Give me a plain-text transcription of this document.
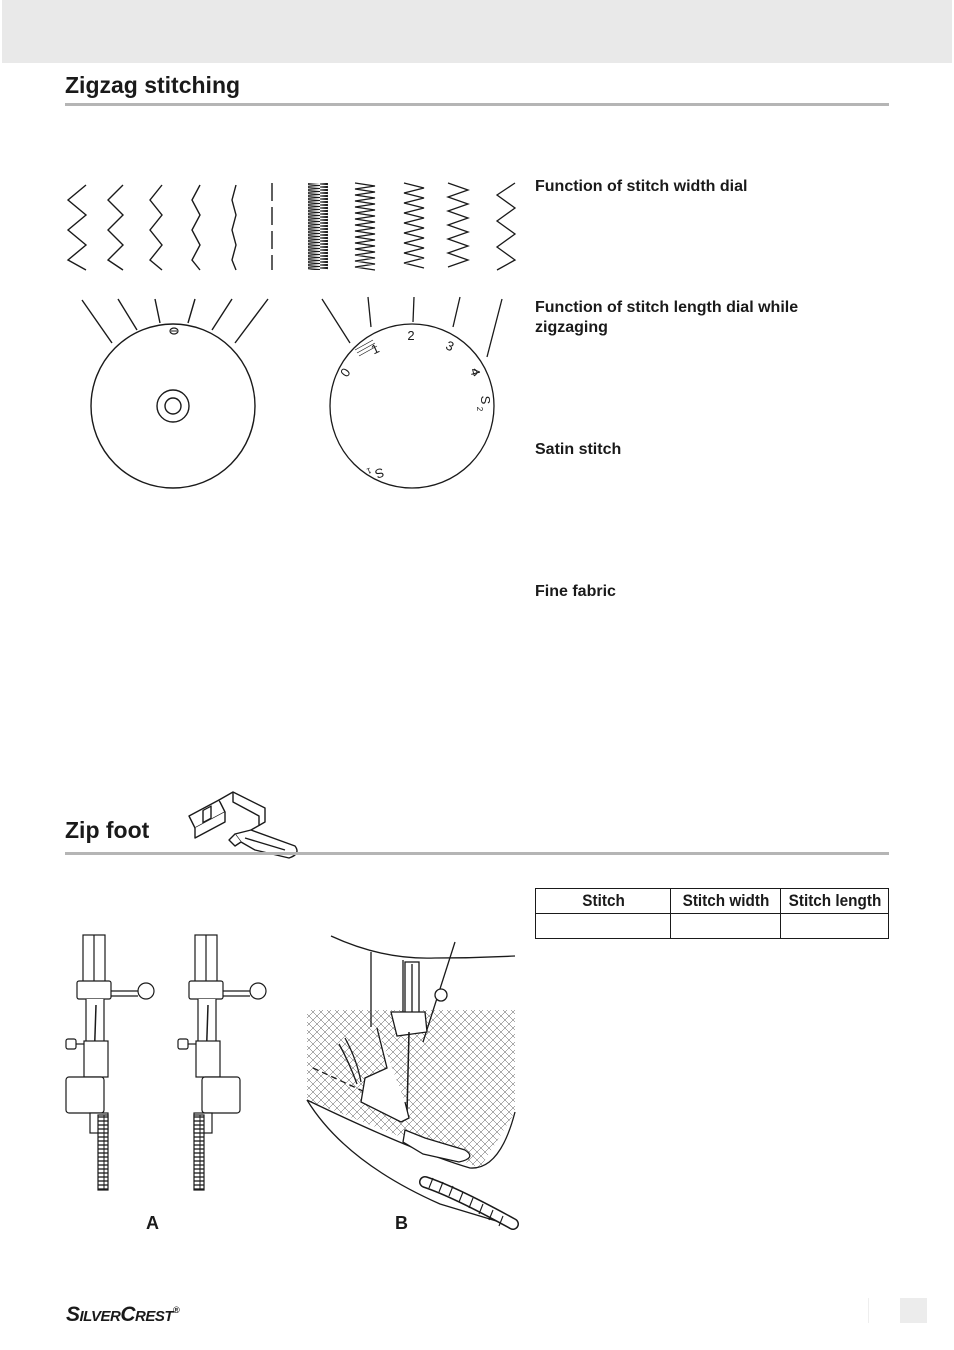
Zigzag stitching

Function of stitch width dial

Function of stitch length dial while zigzaging

Satin stitch

Fine fabric

0
1
2
3
4
S
2
S
1
Zip foot
Stitch	Stitch width	Stitch length

A	B
SILVERCREST®
